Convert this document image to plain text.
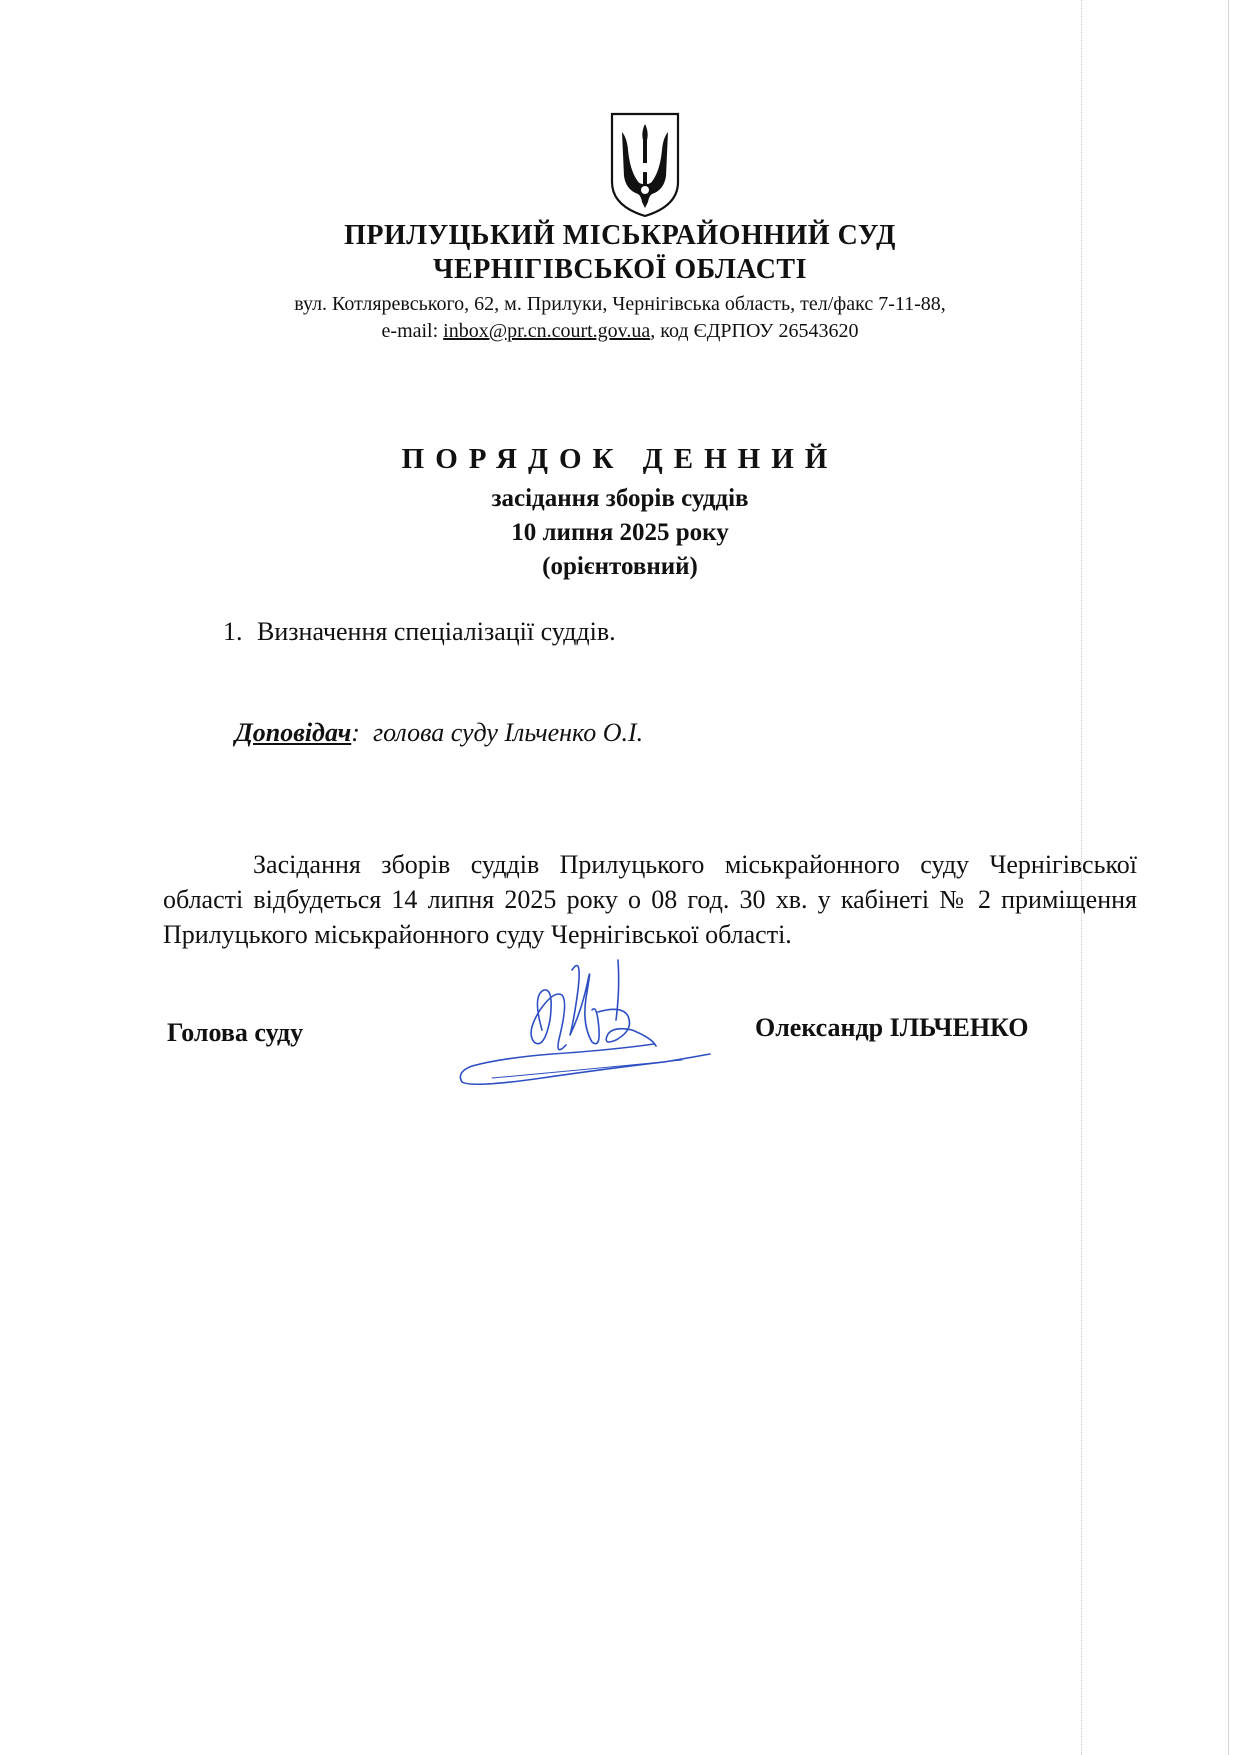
ПРИЛУЦЬКИЙ МІСЬКРАЙОННИЙ СУД
ЧЕРНІГІВСЬКОЇ ОБЛАСТІ
вул. Котляревського, 62, м. Прилуки, Чернігівська область, тел/факс 7-11-88,
e-mail: inbox@pr.cn.court.gov.ua, код ЄДРПОУ 26543620
ПОРЯДОК ДЕННИЙ
засідання зборів суддів
10 липня 2025 року
(орієнтовний)
1. Визначення спеціалізації суддів.
Доповідач: голова суду Ільченко О.І.
Засідання зборів суддів Прилуцького міськрайонного суду Чернігівської області відбудеться 14 липня 2025 року о 08 год. 30 хв. у кабінеті № 2 приміщення Прилуцького міськрайонного суду Чернігівської області.
Голова суду	Олександр ІЛЬЧЕНКО
